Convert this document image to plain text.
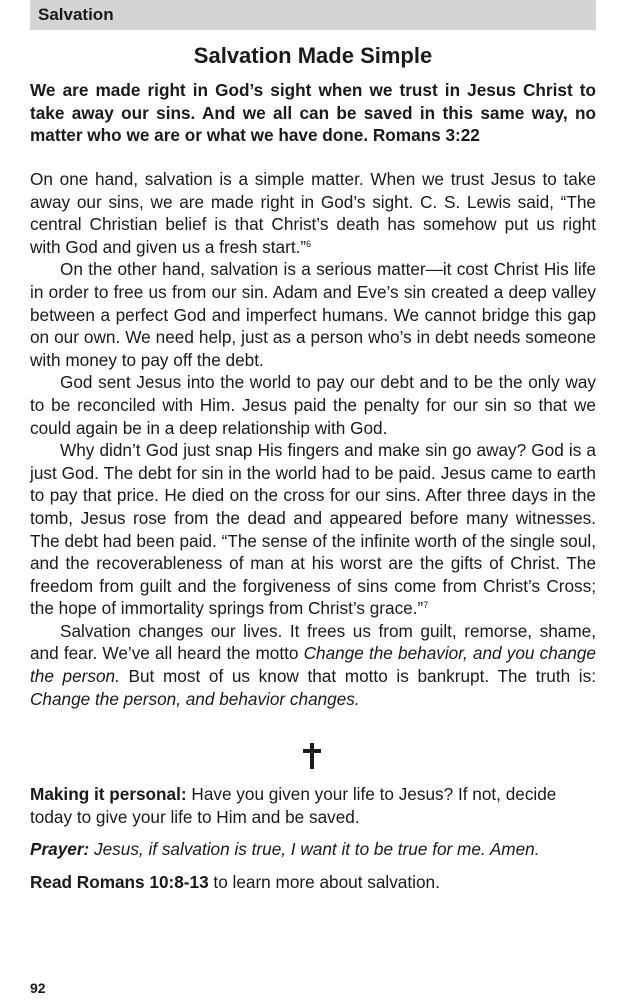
Salvation
Salvation Made Simple

We are made right in God’s sight when we trust in Jesus Christ to take away our sins. And we all can be saved in this same way, no matter who we are or what we have done. Romans 3:22

On one hand, salvation is a simple matter. When we trust Jesus to take away our sins, we are made right in God’s sight. C. S. Lewis said, “The central Christian belief is that Christ’s death has somehow put us right with God and given us a fresh start.”$^6$

On the other hand, salvation is a serious matter—it cost Christ His life in order to free us from our sin. Adam and Eve’s sin created a deep valley between a perfect God and imperfect humans. We cannot bridge this gap on our own. We need help, just as a person who’s in debt needs someone with money to pay off the debt.

God sent Jesus into the world to pay our debt and to be the only way to be reconciled with Him. Jesus paid the penalty for our sin so that we could again be in a deep relationship with God.

Why didn’t God just snap His fingers and make sin go away? God is a just God. The debt for sin in the world had to be paid. Jesus came to earth to pay that price. He died on the cross for our sins. After three days in the tomb, Jesus rose from the dead and appeared before many witnesses. The debt had been paid. “The sense of the infinite worth of the single soul, and the recoverableness of man at his worst are the gifts of Christ. The freedom from guilt and the forgiveness of sins come from Christ’s Cross; the hope of immortality springs from Christ’s grace.”$^7$

Salvation changes our lives. It frees us from guilt, remorse, shame, and fear. We’ve all heard the motto Change the behavior, and you change the person. But most of us know that motto is bankrupt. The truth is: Change the person, and behavior changes.

Making it personal: Have you given your life to Jesus? If not, decide today to give your life to Him and be saved.

Prayer: Jesus, if salvation is true, I want it to be true for me. Amen.

Read Romans 10:8-13 to learn more about salvation.

92
